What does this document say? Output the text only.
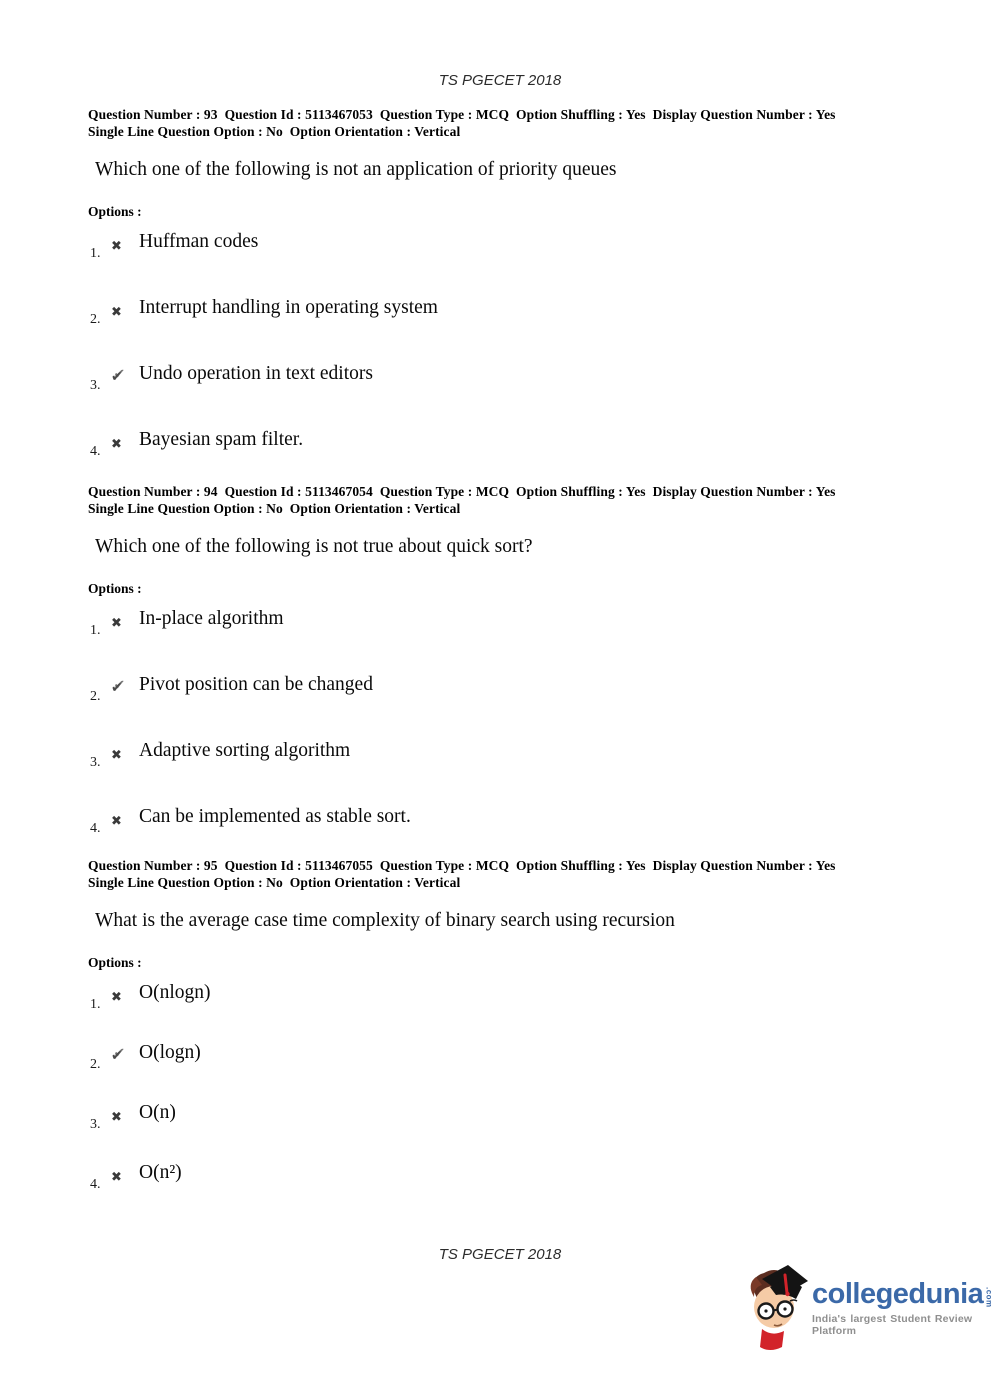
TS PGECET 2018
Question Number : 93  Question Id : 5113467053  Question Type : MCQ  Option Shuffling : Yes  Display Question Number : Yes
Single Line Question Option : No  Option Orientation : Vertical
Which one of the following is not an application of priority queues
Options :
1. ✖ Huffman codes
2. ✖ Interrupt handling in operating system
3.
✔ Undo operation in text editors
4. ✖ Bayesian spam filter.
Question Number : 94  Question Id : 5113467054  Question Type : MCQ  Option Shuffling : Yes  Display Question Number : Yes
Single Line Question Option : No  Option Orientation : Vertical
Which one of the following is not true about quick sort?
Options :
1. ✖ In-place algorithm
2.
✔ Pivot position can be changed
3. ✖ Adaptive sorting algorithm
4. ✖ Can be implemented as stable sort.
Question Number : 95  Question Id : 5113467055  Question Type : MCQ  Option Shuffling : Yes  Display Question Number : Yes
Single Line Question Option : No  Option Orientation : Vertical
What is the average case time complexity of binary search using recursion
Options :
1. ✖ O(nlogn)
2.
✔ O(logn)
3. ✖ O(n)
4. ✖ O(n²)
TS PGECET 2018
collegedunia .com
India's largest Student Review Platform
